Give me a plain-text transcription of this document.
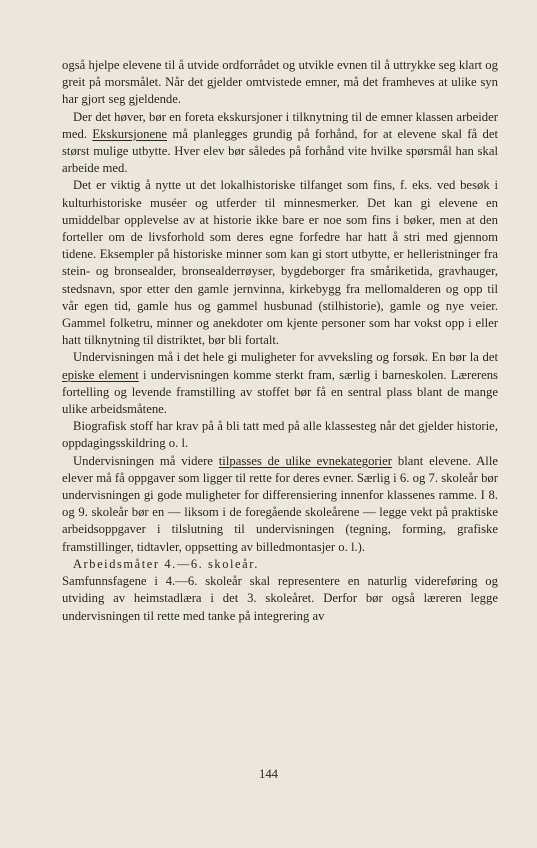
også hjelpe elevene til å utvide ordforrådet og utvikle evnen til å uttrykke seg klart og greit på morsmålet. Når det gjelder omtvistede emner, må det framheves at ulike syn har gjort seg gjeldende.

Der det høver, bør en foreta ekskursjoner i tilknytning til de emner klassen arbeider med. Ekskursjonene må planlegges grundig på forhånd, for at elevene skal få det størst mulige utbytte. Hver elev bør således på forhånd vite hvilke spørsmål han skal arbeide med.

Det er viktig å nytte ut det lokalhistoriske tilfanget som fins, f. eks. ved besøk i kulturhistoriske muséer og utferder til minnesmerker. Det kan gi elevene en umiddelbar opplevelse av at historie ikke bare er noe som fins i bøker, men at den forteller om de livsforhold som deres egne forfedre har hatt å stri med gjennom tidene. Eksempler på historiske minner som kan gi stort utbytte, er helleristninger fra stein- og bronsealder, bronsealderrøyser, bygdeborger fra småriketida, gravhauger, stedsnavn, spor etter den gamle jernvinna, kirkebygg fra mellomalderen og opp til vår egen tid, gamle hus og gammel husbunad (stilhistorie), gamle og nye veier. Gammel folketru, minner og anekdoter om kjente personer som har vokst opp i eller hatt tilknytning til distriktet, bør bli fortalt.

Undervisningen må i det hele gi muligheter for avveksling og forsøk. En bør la det episke element i undervisningen komme sterkt fram, særlig i barneskolen. Lærerens fortelling og levende framstilling av stoffet bør få en sentral plass blant de mange ulike arbeidsmåtene.

Biografisk stoff har krav på å bli tatt med på alle klassesteg når det gjelder historie, oppdagingsskildring o. l.

Undervisningen må videre tilpasses de ulike evnekategorier blant elevene. Alle elever må få oppgaver som ligger til rette for deres evner. Særlig i 6. og 7. skoleår bør undervisningen gi gode muligheter for differensiering innenfor klassenes ramme. I 8. og 9. skoleår bør en — liksom i de foregående skoleårene — legge vekt på praktiske arbeidsoppgaver i tilslutning til undervisningen (tegning, forming, grafiske framstillinger, tidtavler, oppsetting av billedmontasjer o. l.).

Arbeidsmåter 4.—6. skoleår.

Samfunnsfagene i 4.—6. skoleår skal representere en naturlig videreføring og utviding av heimstadlæra i det 3. skoleåret. Derfor bør også læreren legge undervisningen til rette med tanke på integrering av

144
